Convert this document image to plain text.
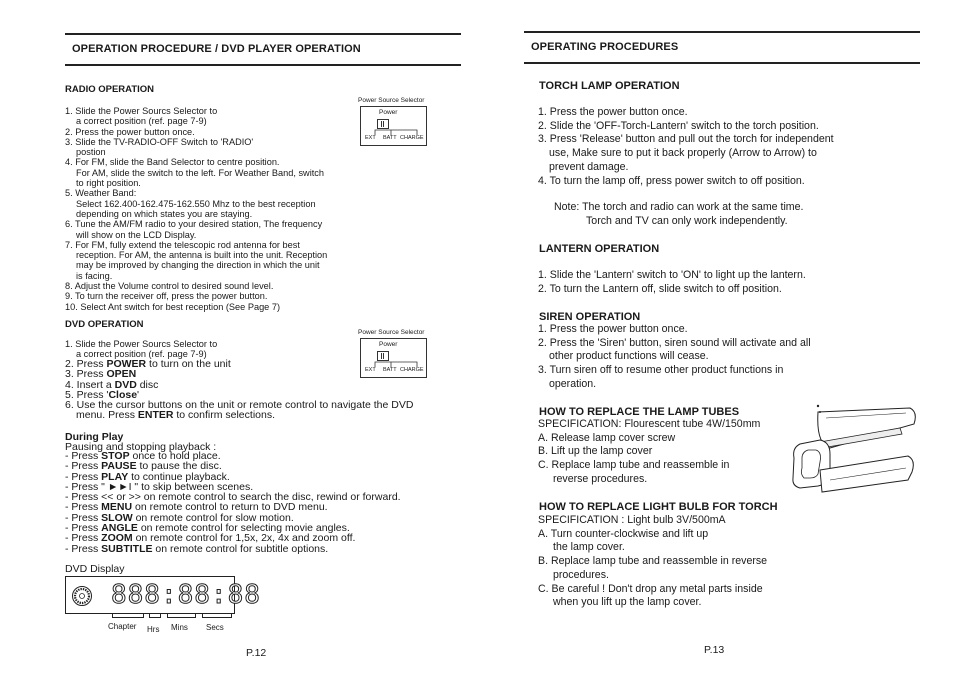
OPERATION PROCEDURE / DVD PLAYER OPERATION
RADIO OPERATION
1. Slide the Power Sourcs Selector to
a correct position (ref. page 7-9)
2. Press the power button once.
3. Slide the TV-RADIO-OFF Switch to 'RADIO'
postion
4. For FM, slide the Band Selector to centre position.
For AM, slide the switch to the left. For Weather Band, switch
to right position.
5. Weather Band:
Select 162.400-162.475-162.550 Mhz to the best reception
depending on which states you are staying.
6. Tune the AM/FM radio to your desired station, The frequency
will show on the LCD Display.
7. For FM, fully extend the telescopic rod antenna for best
reception. For AM, the antenna is built into the unit. Reception
may be improved by changing the direction in which the unit
is facing.
8. Adjust the Volume control to desired sound level.
9. To turn the receiver off, press the power button.
10. Select Ant switch for best reception (See Page 7)
Power Source Selector
Power
EXT BATT CHARGE
DVD OPERATION
1. Slide the Power Sourcs Selector to
a correct position (ref. page 7-9)
Power Source Selector
Power
EXT BATT CHARGE
2. Press POWER to turn on the unit
3. Press OPEN
4. Insert a DVD disc
5. Press 'Close'
6. Use the cursor buttons on the unit or remote control to navigate the DVD
menu. Press ENTER to confirm selections.
During Play
Pausing and stopping playback :
- Press STOP once to hold place.
- Press PAUSE to pause the disc.
- Press PLAY to continue playback.
- Press " ►►I " to skip between scenes.
- Press << or >> on remote control to search the disc, rewind or forward.
- Press MENU on remote control to return to DVD menu.
- Press SLOW on remote control for slow motion.
- Press ANGLE on remote control for selecting movie angles.
- Press ZOOM on remote control for 1,5x, 2x, 4x and zoom off.
- Press SUBTITLE on remote control for subtitle options.
DVD Display
888:88:88
Chapter Hrs Mins Secs
P.12
OPERATING PROCEDURES
TORCH LAMP OPERATION
1. Press the power button once.
2. Slide the 'OFF-Torch-Lantern' switch to the torch position.
3. Press 'Release' button and pull out the torch for independent
use, Make sure to put it back properly (Arrow to Arrow) to
prevent damage.
4. To turn the lamp off, press power switch to off position.
Note: The torch and radio can work at the same time.
Torch and TV can only work independently.
LANTERN OPERATION
1. Slide the 'Lantern' switch to 'ON' to light up the lantern.
2. To turn the Lantern off, slide switch to off position.
SIREN OPERATION
1. Press the power button once.
2. Press the 'Siren' button, siren sound will activate and all
other product functions will cease.
3. Turn siren off to resume other product functions in
operation.
HOW TO REPLACE THE LAMP TUBES
SPECIFICATION: Flourescent tube 4W/150mm
A. Release lamp cover screw
B. Lift up the lamp cover
C. Replace lamp tube and reassemble in
reverse procedures.
HOW TO REPLACE LIGHT BULB FOR TORCH
SPECIFICATION : Light bulb 3V/500mA
A. Turn counter-clockwise and lift up
the lamp cover.
B. Replace lamp tube and reassemble in reverse
procedures.
C. Be careful ! Don't drop any metal parts inside
when you lift up the lamp cover.
P.13
